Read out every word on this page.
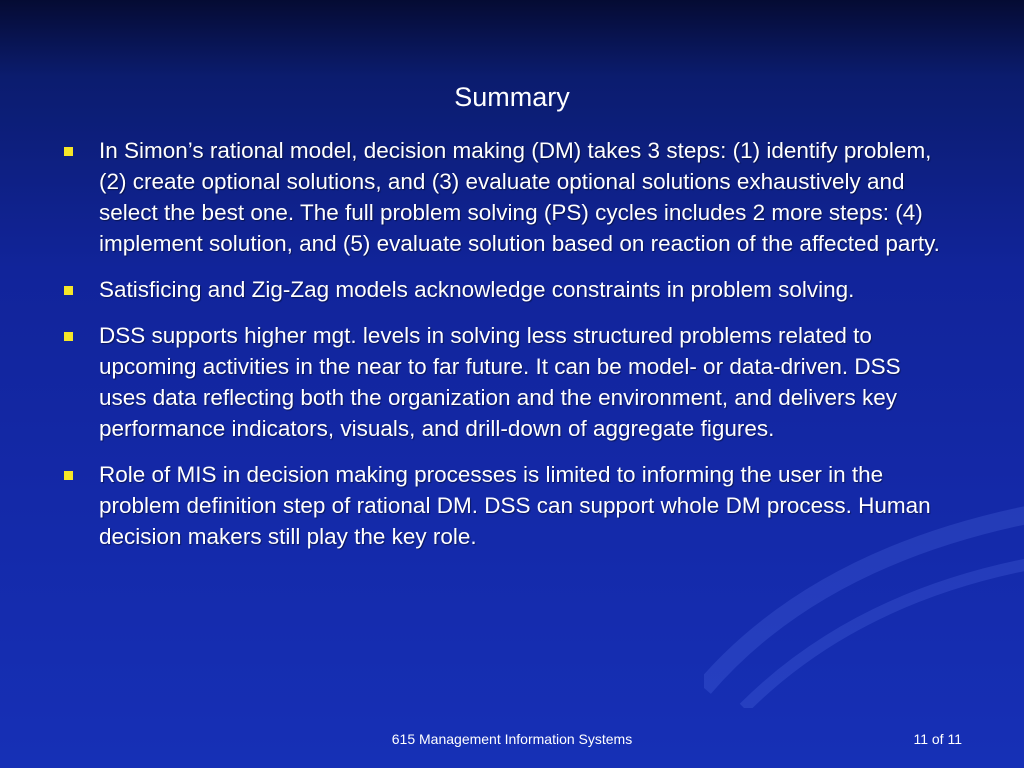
Summary
In Simon’s rational model, decision making (DM) takes 3 steps: (1) identify problem, (2) create optional solutions, and (3) evaluate optional solutions exhaustively and select the best one. The full problem solving (PS) cycles includes 2 more steps: (4) implement solution, and (5) evaluate solution based on reaction of the affected party.
Satisficing and Zig-Zag models acknowledge constraints in problem solving.
DSS supports higher mgt. levels in solving less structured problems related to upcoming activities in the near to far future. It can be model- or data-driven. DSS uses data reflecting both the organization and the environment, and delivers key performance indicators, visuals, and drill-down of aggregate figures.
Role of MIS in decision making processes is limited to informing the user in the problem definition step of rational DM. DSS can support whole DM process. Human decision makers still play the key role.
615 Management Information Systems	11 of 11
